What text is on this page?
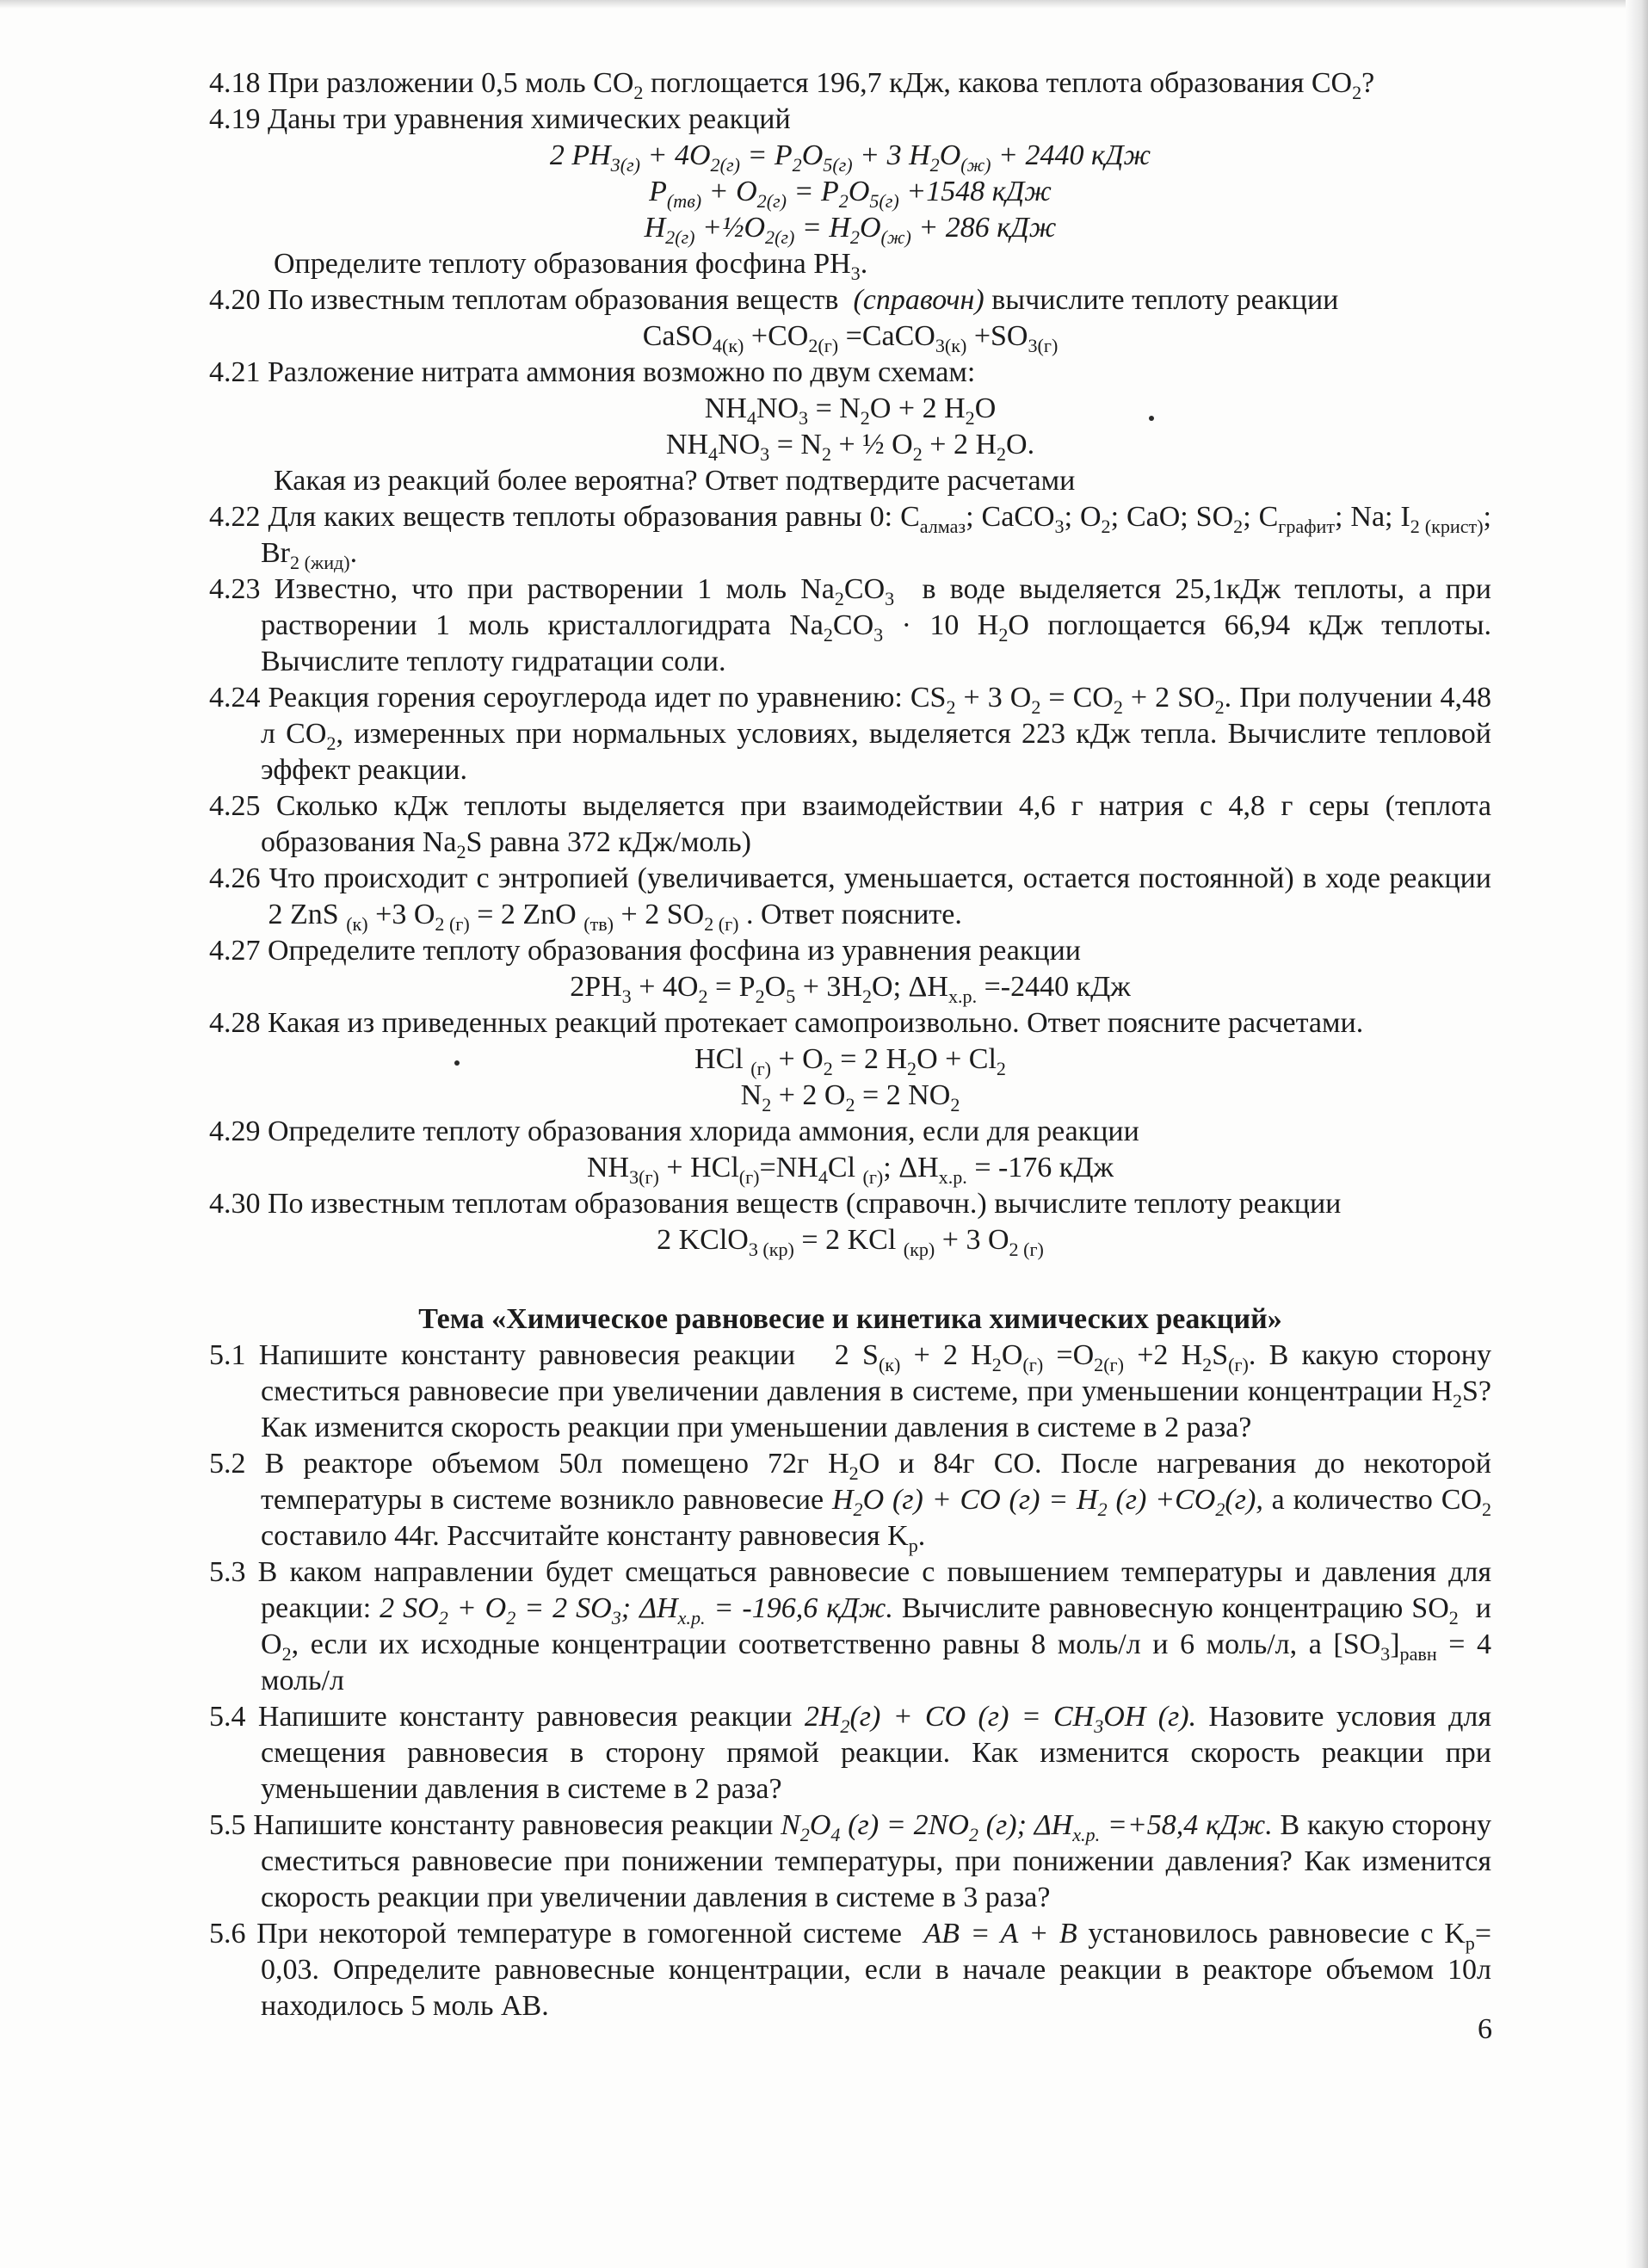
4.18 При разложении 0,5 моль $CO_2$ поглощается 196,7 кДж, какова теплота образования $CO_2$?
4.19 Даны три уравнения химических реакций
2 $PH_{3(г)} + 4O_{2(г)} = P_2O_{5(г)} + 3$ $H_2O_{(ж)} + 2440$ кДж
$P_{(тв)} + O_{2(г)} = P_2O_{5(г)} +1548$ кДж
$H_{2(г)}$ $+\frac{1}{2}O_{2(г)} = H_2O_{(ж)} + 286$ кДж
Определите теплоту образования фосфина $PH_3$.
4.20 По известным теплотам образования веществ  (справочн) вычислите теплоту реакции
CaSO$_{4(к)}$ $+CO_{2(г)}$ =CaCO$_{3(к)}$ $+SO_{3(г)}$
4.21 Разложение нитрата аммония возможно по двум схемам:
$NH_4NO_3 = N_2O + 2$ $H_2O$
$NH_4NO_3 = N_2$ + ½ $O_2 + 2$ $H_2O$.
Какая из реакций более вероятна? Ответ подтвердите расчетами
4.22 Для каких веществ теплоты образования равны 0: $C_{алмаз}$; CaCO$_3$; $O_2$; CaO; $SO_2$; $C_{графит}$; Na; $I_{2 (крист)}$; $Br_{2 (жид)}$.
4.23 Известно, что при растворении 1 моль $Na_2CO_3$  в воде выделяется 25,1кДж теплоты, а при растворении 1 моль кристаллогидрата $Na_2CO_3 \cdot 10$ $H_2O$ поглощается 66,94 кДж теплоты. Вычислите теплоту гидратации соли.
4.24 Реакция горения сероуглерода идет по уравнению: $CS_2 + 3$ $O_2 = CO_2 + 2$ $SO_2$. При получении 4,48 л $CO_2$, измеренных при нормальных условиях, выделяется 223 кДж тепла. Вычислите тепловой эффект реакции.
4.25 Сколько кДж теплоты выделяется при взаимодействии 4,6 г натрия с 4,8 г серы (теплота образования $Na_2S$ равна 372 кДж/моль)
4.26 Что происходит с энтропией (увеличивается, уменьшается, остается постоянной) в ходе реакции  2 ZnS $_{(к)}$ +3 $O_{2 (г)} = 2$ ZnO $_{(тв)}$ + 2 $SO_{2 (г)}$ . Ответ поясните.
4.27 Определите теплоту образования фосфина из уравнения реакции
$2PH_3 + 4O_2 = P_2O_5 + 3H_2O$; $\Delta H_{х.р.} =-2440$ кДж
4.28 Какая из приведенных реакций протекает самопроизвольно. Ответ поясните расчетами.
HCl $_{(г)} + O_2 = 2$ $H_2O + Cl_2$
$N_2 + 2$ $O_2 = 2$ $NO_2$
4.29 Определите теплоту образования хлорида аммония, если для реакции
$NH_{3(г)} + HCl_{(г)}=NH_4Cl$ $_{(г)}$; $\Delta H_{х.р.} = -176$ кДж
4.30 По известным теплотам образования веществ (справочн.) вычислите теплоту реакции
2 KClO$_{3 (кр)}$ = 2 KCl $_{(кр)}$ + 3 $O_{2 (г)}$
Тема «Химическое равновесие и кинетика химических реакций»
5.1 Напишите константу равновесия реакции   2 $S_{(к)} + 2$ $H_2O_{(г)} =O_{2(г)} +2$ $H_2S_{(г)}$. В какую сторону сместиться равновесие при увеличении давления в системе, при уменьшении концентрации $H_2S$? Как изменится скорость реакции при уменьшении давления в системе в 2 раза?
5.2 В реакторе объемом 50л помещено 72г $H_2O$ и 84г CO. После нагревания до некоторой температуры в системе возникло равновесие $H_2O$ (г) + CO $(г) = H_2$ $(г) +CO_2(г)$, а количество $CO_2$ составило 44г. Рассчитайте константу равновесия $K_р$.
5.3 В каком направлении будет смещаться равновесие с повышением температуры и давления для реакции: 2 $SO_2 + O_2 = 2$ $SO_3$; $\Delta H_{х.р.} = -196,6$ кДж. Вычислите равновесную концентрацию $SO_2$  и $O_2$, если их исходные концентрации соответственно равны 8 моль/л и 6 моль/л, а $[SO_3]_{равн} = 4$ моль/л
5.4 Напишите константу равновесия реакции $2H_2(г)$ + CO $(г) = CH_3OH$ (г). Назовите условия для смещения равновесия в сторону прямой реакции. Как изменится скорость реакции при уменьшении давления в системе в 2 раза?
5.5 Напишите константу равновесия реакции $N_2O_4$ $(г) = 2NO_2$ (г); $\Delta H_{х.р.} =+58,4$ кДж. В какую сторону сместиться равновесие при понижении температуры, при понижении давления? Как изменится скорость реакции при увеличении давления в системе в 3 раза?
5.6 При некоторой температуре в гомогенной системе  AB = A + B установилось равновесие с $K_р= 0,03$. Определите равновесные концентрации, если в начале реакции в реакторе объемом 10л находилось 5 моль AB.
6
